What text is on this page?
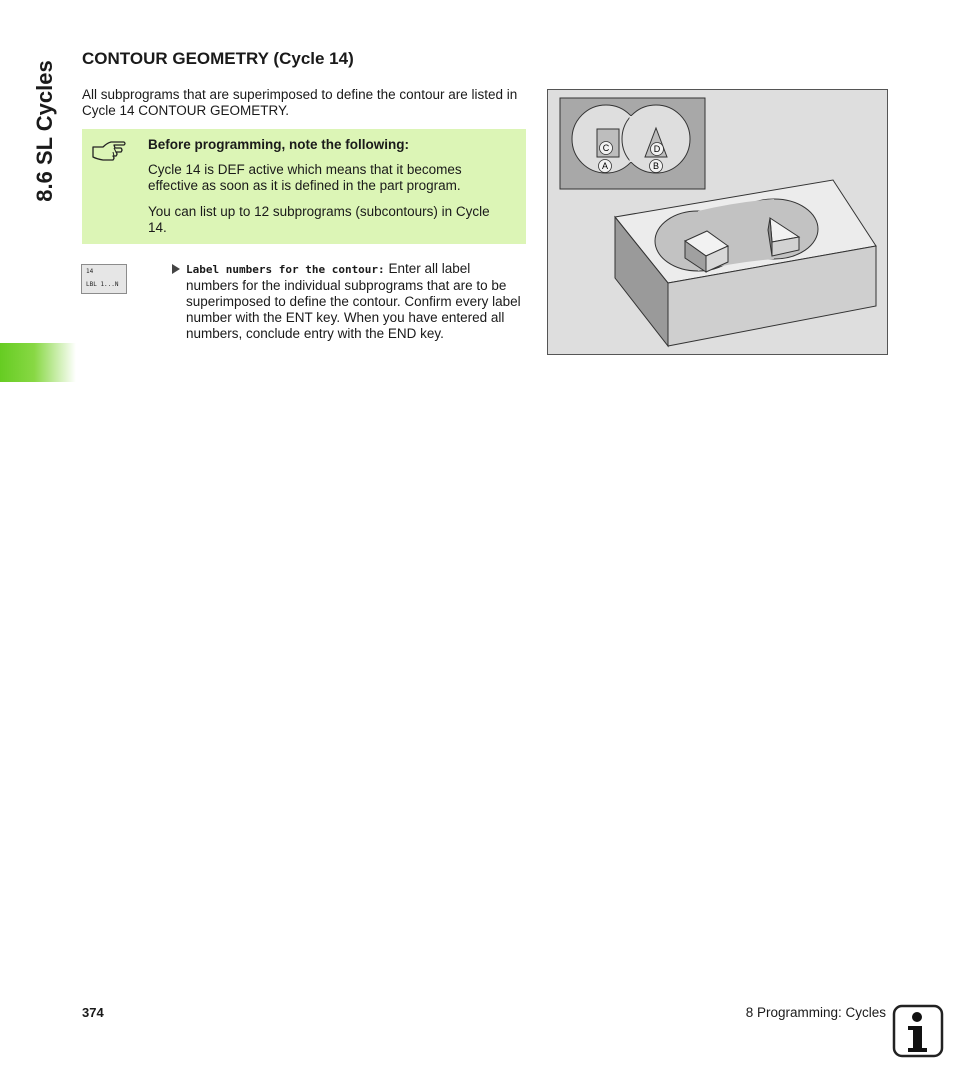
8.6 SL Cycles
CONTOUR GEOMETRY (Cycle 14)

All subprograms that are superimposed to define the contour are listed in Cycle 14 CONTOUR GEOMETRY.

Before programming, note the following:

Cycle 14 is DEF active which means that it becomes effective as soon as it is defined in the part program.

You can list up to 12 subprograms (subcontours) in Cycle 14.

14
LBL 1...N
Label numbers for the contour: Enter all label numbers for the individual subprograms that are to be superimposed to define the contour. Confirm every label number with the ENT key. When you have entered all numbers, conclude entry with the END key.
C	D
A	B
374	8 Programming: Cycles
